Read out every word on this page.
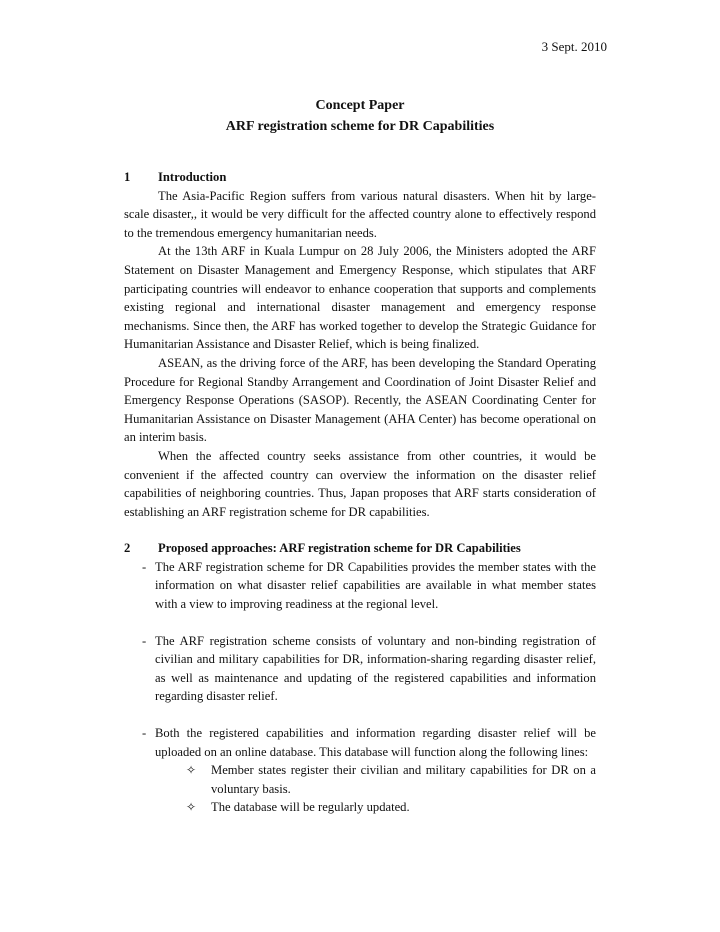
3 Sept. 2010
Concept Paper
ARF registration scheme for DR Capabilities
1	Introduction

The Asia-Pacific Region suffers from various natural disasters. When hit by large-scale disaster,, it would be very difficult for the affected country alone to effectively respond to the tremendous emergency humanitarian needs.

At the 13th ARF in Kuala Lumpur on 28 July 2006, the Ministers adopted the ARF Statement on Disaster Management and Emergency Response, which stipulates that ARF participating countries will endeavor to enhance cooperation that supports and complements existing regional and international disaster management and emergency response mechanisms. Since then, the ARF has worked together to develop the Strategic Guidance for Humanitarian Assistance and Disaster Relief, which is being finalized.

ASEAN, as the driving force of the ARF, has been developing the Standard Operating Procedure for Regional Standby Arrangement and Coordination of Joint Disaster Relief and Emergency Response Operations (SASOP). Recently, the ASEAN Coordinating Center for Humanitarian Assistance on Disaster Management (AHA Center) has become operational on an interim basis.

When the affected country seeks assistance from other countries, it would be convenient if the affected country can overview the information on the disaster relief capabilities of neighboring countries. Thus, Japan proposes that ARF starts consideration of establishing an ARF registration scheme for DR capabilities.

2	Proposed approaches: ARF registration scheme for DR Capabilities

- The ARF registration scheme for DR Capabilities provides the member states with the information on what disaster relief capabilities are available in what member states with a view to improving readiness at the regional level.

- The ARF registration scheme consists of voluntary and non-binding registration of civilian and military capabilities for DR, information-sharing regarding disaster relief, as well as maintenance and updating of the registered capabilities and information regarding disaster relief.

- Both the registered capabilities and information regarding disaster relief will be uploaded on an online database. This database will function along the following lines:

✧ Member states register their civilian and military capabilities for DR on a voluntary basis.

✧ The database will be regularly updated.
